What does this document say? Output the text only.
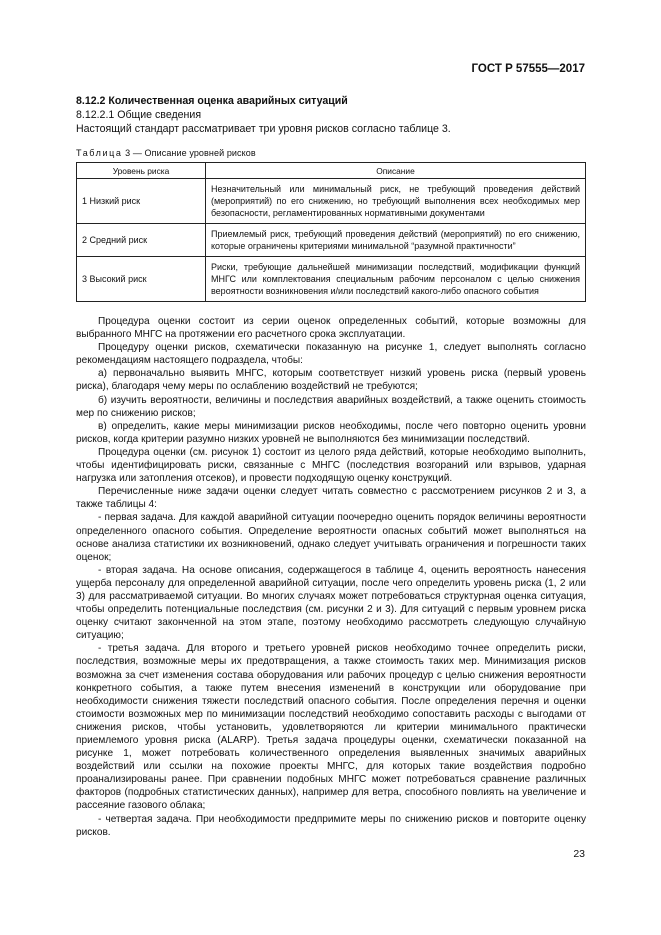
ГОСТ Р 57555—2017

8.12.2 Количественная оценка аварийных ситуаций

8.12.2.1 Общие сведения

Настоящий стандарт рассматривает три уровня рисков согласно таблице 3.

Таблица 3 — Описание уровней рисков
Уровень риска	Описание
1 Низкий риск	Незначительный или минимальный риск, не требующий проведения действий (мероприятий) по его снижению, но требующий выполнения всех необходимых мер безопасности, регламентированных нормативными документами
2 Средний риск	Приемлемый риск, требующий проведения действий (мероприятий) по его снижению, которые ограничены критериями минимальной “разумной практичности”
3 Высокий риск	Риски, требующие дальнейшей минимизации последствий, модификации функций МНГС или комплектования специальным рабочим персоналом с целью снижения вероятности возникновения и/или последствий какого-либо опасного события

Процедура оценки состоит из серии оценок определенных событий, которые возможны для выбранного МНГС на протяжении его расчетного срока эксплуатации.

Процедуру оценки рисков, схематически показанную на рисунке 1, следует выполнять согласно рекомендациям настоящего подраздела, чтобы:

а) первоначально выявить МНГС, которым соответствует низкий уровень риска (первый уровень риска), благодаря чему меры по ослаблению воздействий не требуются;

б) изучить вероятности, величины и последствия аварийных воздействий, а также оценить стоимость мер по снижению рисков;

в) определить, какие меры минимизации рисков необходимы, после чего повторно оценить уровни рисков, когда критерии разумно низких уровней не выполняются без минимизации последствий.

Процедура оценки (см. рисунок 1) состоит из целого ряда действий, которые необходимо выполнить, чтобы идентифицировать риски, связанные с МНГС (последствия возгораний или взрывов, ударная нагрузка или затопления отсеков), и провести подходящую оценку конструкций.

Перечисленные ниже задачи оценки следует читать совместно с рассмотрением рисунков 2 и 3, а также таблицы 4:

- первая задача. Для каждой аварийной ситуации поочередно оценить порядок величины вероятности определенного опасного события. Определение вероятности опасных событий может выполняться на основе анализа статистики их возникновений, однако следует учитывать ограничения и погрешности таких оценок;

- вторая задача. На основе описания, содержащегося в таблице 4, оценить вероятность нанесения ущерба персоналу для определенной аварийной ситуации, после чего определить уровень риска (1, 2 или 3) для рассматриваемой ситуации. Во многих случаях может потребоваться структурная оценка ситуация, чтобы определить потенциальные последствия (см. рисунки 2 и 3). Для ситуаций с первым уровнем риска оценку считают законченной на этом этапе, поэтому необходимо рассмотреть следующую случайную ситуацию;

- третья задача. Для второго и третьего уровней рисков необходимо точнее определить риски, последствия, возможные меры их предотвращения, а также стоимость таких мер. Минимизация рисков возможна за счет изменения состава оборудования или рабочих процедур с целью снижения вероятности конкретного события, а также путем внесения изменений в конструкции или оборудование при необходимости снижения тяжести последствий опасного события. После определения перечня и оценки стоимости возможных мер по минимизации последствий необходимо сопоставить расходы с выгодами от снижения рисков, чтобы установить, удовлетворяются ли критерии минимального практически приемлемого уровня риска (ALARP). Третья задача процедуры оценки, схематически показанной на рисунке 1, может потребовать количественного определения выявленных значимых аварийных воздействий или ссылки на похожие проекты МНГС, для которых такие воздействия подробно проанализированы ранее. При сравнении подобных МНГС может потребоваться сравнение различных факторов (подробных статистических данных), например для ветра, способного повлиять на увеличение и рассеяние газового облака;

- четвертая задача. При необходимости предпримите меры по снижению рисков и повторите оценку рисков.

23
